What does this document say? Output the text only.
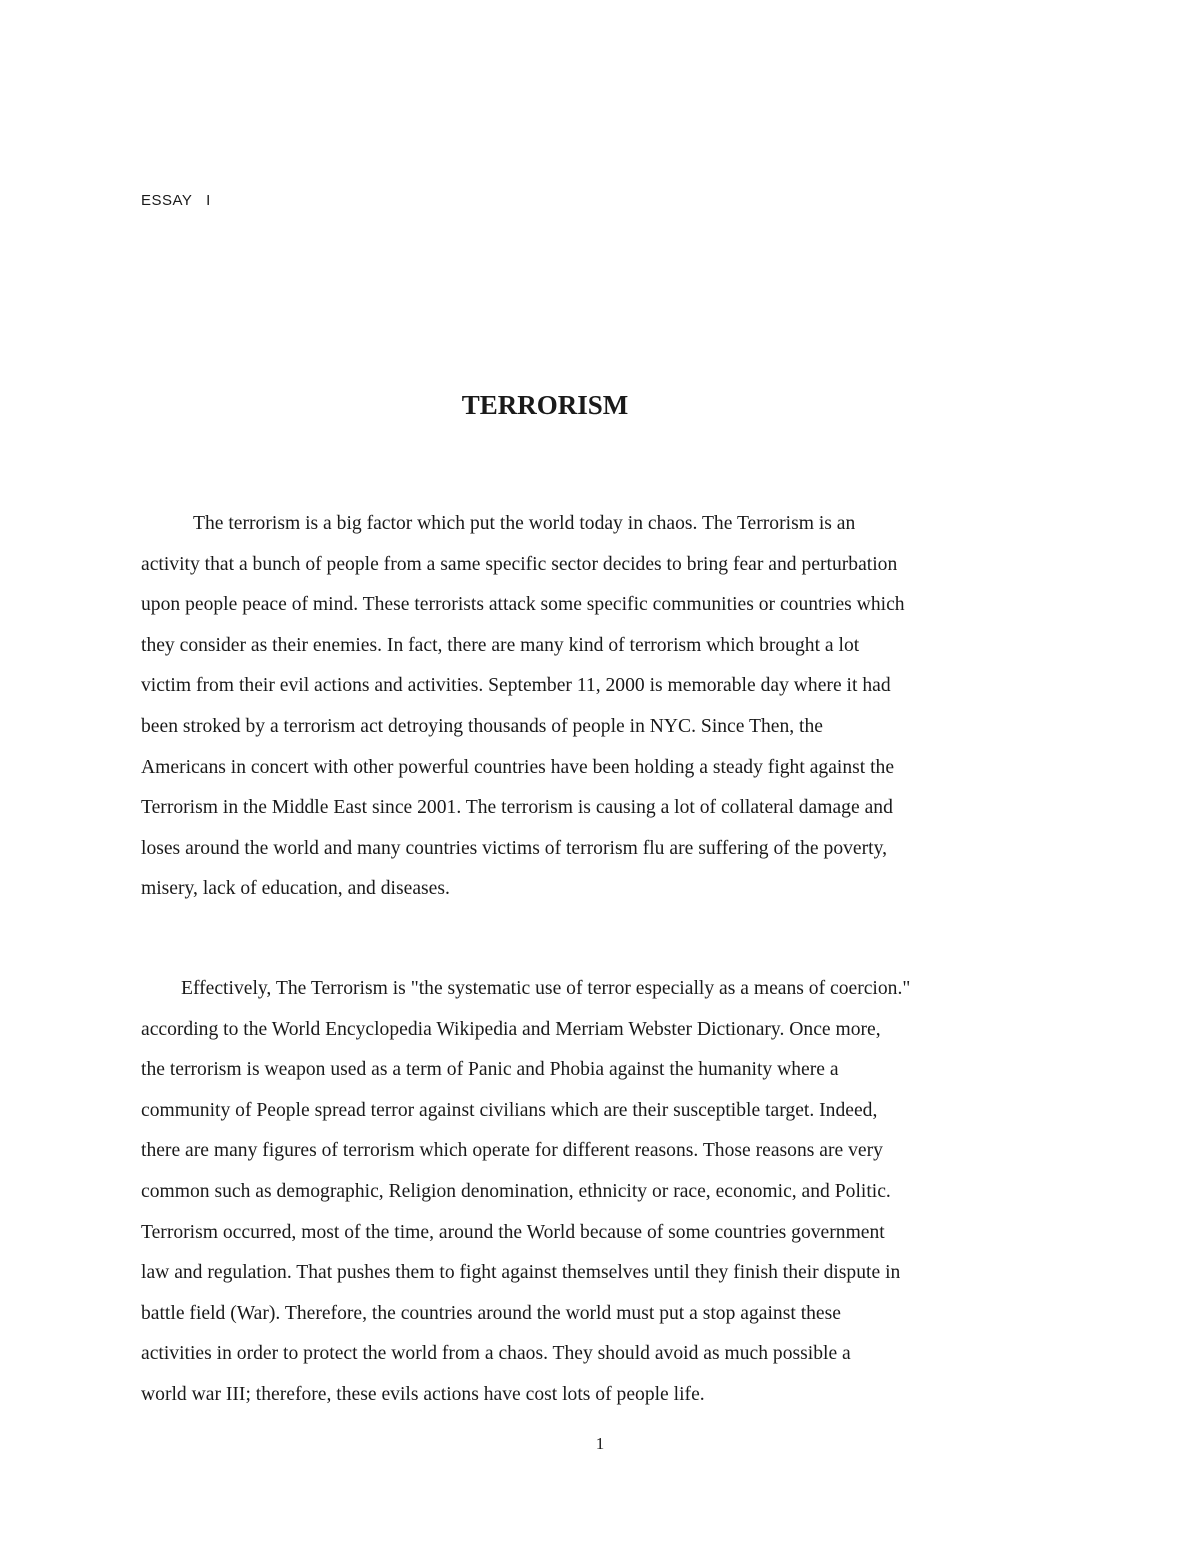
ESSAY   I
TERRORISM
The terrorism is a big factor which put the world today in chaos. The Terrorism is an
activity that a bunch of people from a same specific sector decides to bring fear and perturbation
upon people peace of mind. These terrorists attack some specific communities or countries which
they consider as their enemies. In fact, there are many kind of terrorism which brought a lot
victim from their evil actions and activities. September 11, 2000 is memorable day where it had
been stroked by a terrorism act detroying thousands of people in NYC. Since Then, the
Americans in concert with other powerful countries have been holding a steady fight against the
Terrorism in the Middle East since 2001. The terrorism is causing a lot of collateral damage and
loses around the world and many countries victims of terrorism flu are suffering of the poverty,
misery, lack of education, and diseases.
Effectively, The Terrorism is "the systematic use of terror especially as a means of coercion."
according to the World Encyclopedia Wikipedia and Merriam Webster Dictionary. Once more,
the terrorism is weapon used as a term of Panic and Phobia against the humanity where a
community of People spread terror against civilians which are their susceptible target. Indeed,
there are many figures of terrorism which operate for different reasons. Those reasons are very
common such as demographic, Religion denomination, ethnicity or race, economic, and Politic.
Terrorism occurred, most of the time, around the World because of some countries government
law and regulation. That pushes them to fight against themselves until they finish their dispute in
battle field (War). Therefore, the countries around the world must put a stop against these
activities in order to protect the world from a chaos. They should avoid as much possible a
world war III; therefore, these evils actions have cost lots of people life.
1
